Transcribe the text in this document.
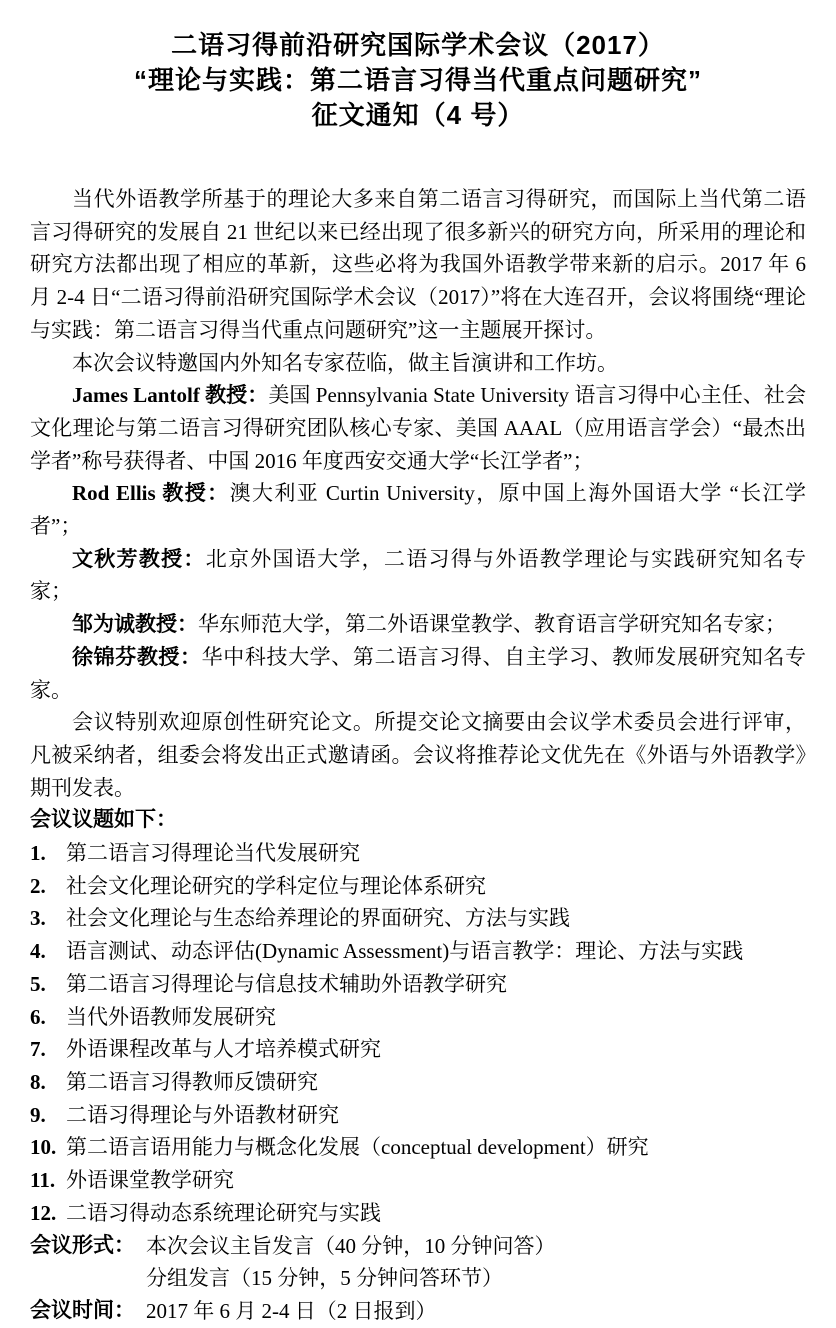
二语习得前沿研究国际学术会议（2017）
“理论与实践：第二语言习得当代重点问题研究”
征文通知（4 号）

当代外语教学所基于的理论大多来自第二语言习得研究，而国际上当代第二语言习得研究的发展自 21 世纪以来已经出现了很多新兴的研究方向，所采用的理论和研究方法都出现了相应的革新，这些必将为我国外语教学带来新的启示。2017 年 6 月 2-4 日“二语习得前沿研究国际学术会议（2017）”将在大连召开，会议将围绕“理论与实践：第二语言习得当代重点问题研究”这一主题展开探讨。

本次会议特邀国内外知名专家莅临，做主旨演讲和工作坊。

James Lantolf 教授：美国 Pennsylvania State University 语言习得中心主任、社会文化理论与第二语言习得研究团队核心专家、美国 AAAL（应用语言学会）“最杰出学者”称号获得者、中国 2016 年度西安交通大学“长江学者”；

Rod Ellis 教授：澳大利亚 Curtin University，原中国上海外国语大学 “长江学者”；

文秋芳教授：北京外国语大学，二语习得与外语教学理论与实践研究知名专家；

邹为诚教授：华东师范大学，第二外语课堂教学、教育语言学研究知名专家；

徐锦芬教授：华中科技大学、第二语言习得、自主学习、教师发展研究知名专家。

会议特别欢迎原创性研究论文。所提交论文摘要由会议学术委员会进行评审，凡被采纳者，组委会将发出正式邀请函。会议将推荐论文优先在《外语与外语教学》期刊发表。

会议议题如下：

1. 第二语言习得理论当代发展研究
2. 社会文化理论研究的学科定位与理论体系研究
3. 社会文化理论与生态给养理论的界面研究、方法与实践
4. 语言测试、动态评估(Dynamic Assessment)与语言教学：理论、方法与实践
5. 第二语言习得理论与信息技术辅助外语教学研究
6. 当代外语教师发展研究
7. 外语课程改革与人才培养模式研究
8. 第二语言习得教师反馈研究
9. 二语习得理论与外语教材研究
10. 第二语言语用能力与概念化发展（conceptual development）研究
11. 外语课堂教学研究
12. 二语习得动态系统理论研究与实践
会议形式： 本次会议主旨发言（40 分钟，10 分钟问答）
分组发言（15 分钟，5 分钟问答环节）
会议时间： 2017 年 6 月 2-4 日（2 日报到）
